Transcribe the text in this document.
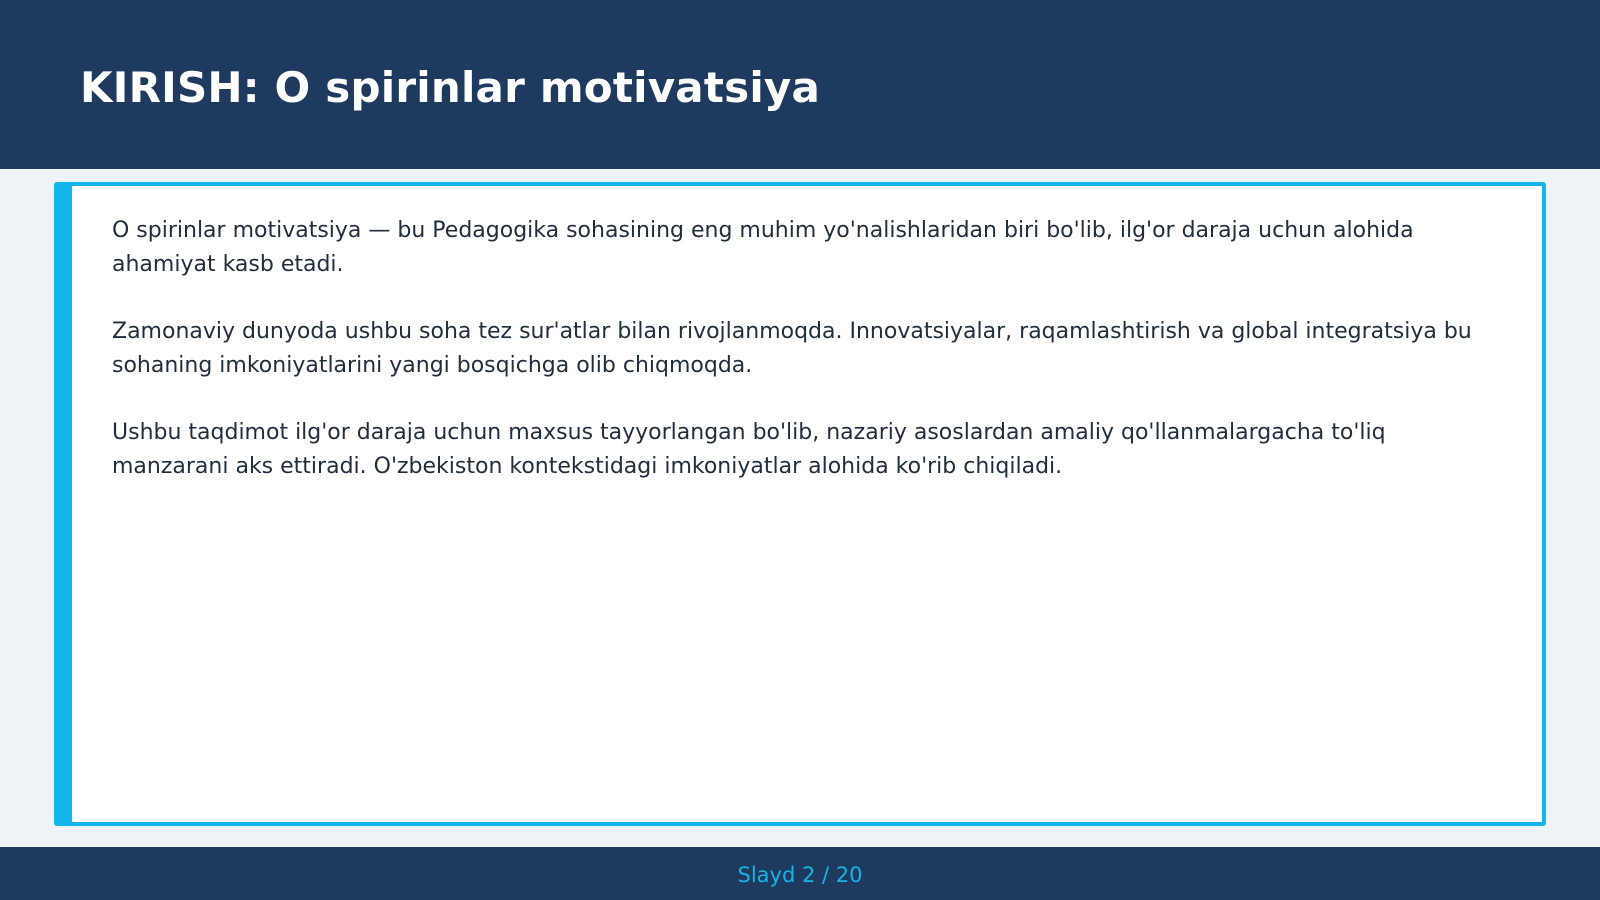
KIRISH: O spirinlar motivatsiya

O spirinlar motivatsiya — bu Pedagogika sohasining eng muhim yo'nalishlaridan biri bo'lib, ilg'or daraja uchun alohida ahamiyat kasb etadi.

Zamonaviy dunyoda ushbu soha tez sur'atlar bilan rivojlanmoqda. Innovatsiyalar, raqamlashtirish va global integratsiya bu sohaning imkoniyatlarini yangi bosqichga olib chiqmoqda.

Ushbu taqdimot ilg'or daraja uchun maxsus tayyorlangan bo'lib, nazariy asoslardan amaliy qo'llanmalargacha to'liq manzarani aks ettiradi. O'zbekiston kontekstidagi imkoniyatlar alohida ko'rib chiqiladi.

Slayd 2 / 20
